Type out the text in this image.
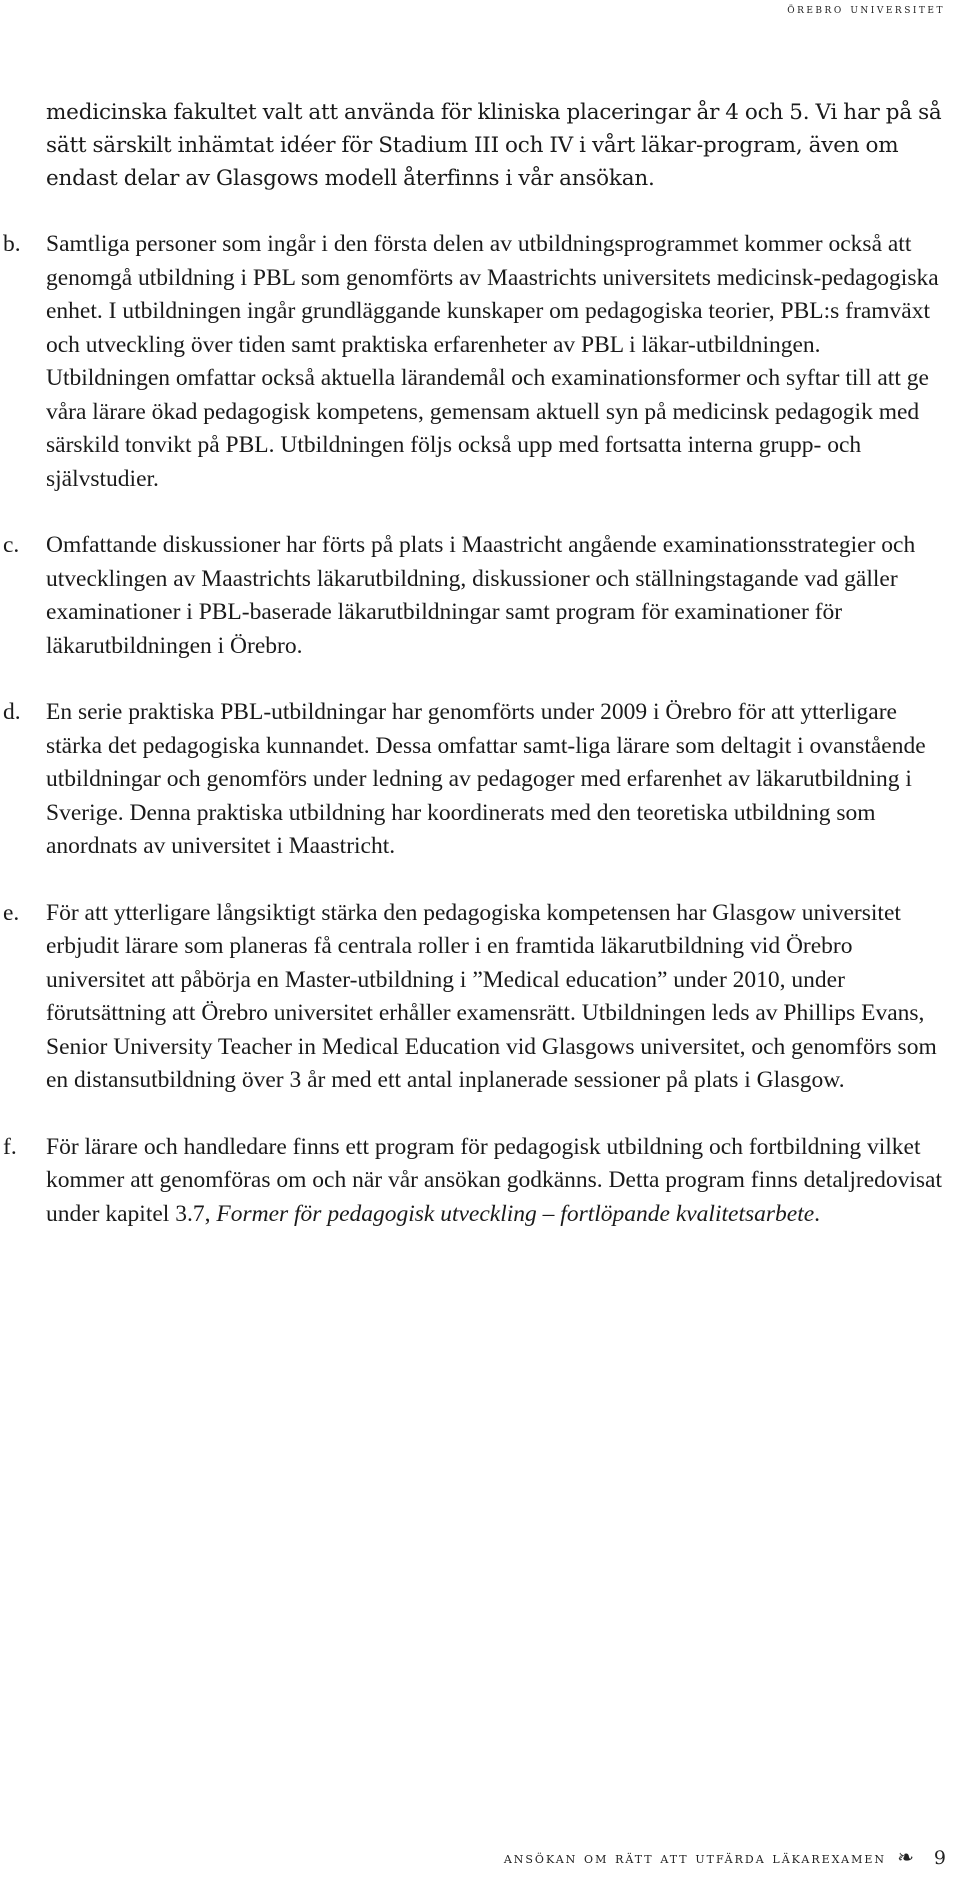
örebro universitet

medicinska fakultet valt att använda för kliniska placeringar år 4 och 5. Vi har på så sätt särskilt inhämtat idéer för Stadium III och IV i vårt läkar-program, även om endast delar av Glasgows modell återfinns i vår ansökan.

b.	Samtliga personer som ingår i den första delen av utbildningsprogrammet kommer också att genomgå utbildning i PBL som genomförts av Maastrichts universitets medicinsk-pedagogiska enhet. I utbildningen ingår grundläggande kunskaper om pedagogiska teorier, PBL:s framväxt och utveckling över tiden samt praktiska erfarenheter av PBL i läkar-utbildningen. Utbildningen omfattar också aktuella lärandemål och examinationsformer och syftar till att ge våra lärare ökad pedagogisk kompetens, gemensam aktuell syn på medicinsk pedagogik med särskild tonvikt på PBL. Utbildningen följs också upp med fortsatta interna grupp- och självstudier.

c.	Omfattande diskussioner har förts på plats i Maastricht angående examinationsstrategier och utvecklingen av Maastrichts läkarutbildning, diskussioner och ställningstagande vad gäller examinationer i PBL-baserade läkarutbildningar samt program för examinationer för läkarutbildningen i Örebro.

d.	En serie praktiska PBL-utbildningar har genomförts under 2009 i Örebro för att ytterligare stärka det pedagogiska kunnandet. Dessa omfattar samt-liga lärare som deltagit i ovanstående utbildningar och genomförs under ledning av pedagoger med erfarenhet av läkarutbildning i Sverige. Denna praktiska utbildning har koordinerats med den teoretiska utbildning som anordnats av universitet i Maastricht.

e.	För att ytterligare långsiktigt stärka den pedagogiska kompetensen har Glasgow universitet erbjudit lärare som planeras få centrala roller i en framtida läkarutbildning vid Örebro universitet att påbörja en Master-utbildning i ”Medical education” under 2010, under förutsättning att Örebro universitet erhåller examensrätt. Utbildningen leds av Phillips Evans, Senior University Teacher in Medical Education vid Glasgows universitet, och genomförs som en distansutbildning över 3 år med ett antal inplanerade sessioner på plats i Glasgow.

f.	För lärare och handledare finns ett program för pedagogisk utbildning och fortbildning vilket kommer att genomföras om och när vår ansökan godkänns. Detta program finns detaljredovisat under kapitel 3.7, Former för pedagogisk utveckling – fortlöpande kvalitetsarbete.

ansökan om rätt att utfärda läkarexamen ❧ 9
